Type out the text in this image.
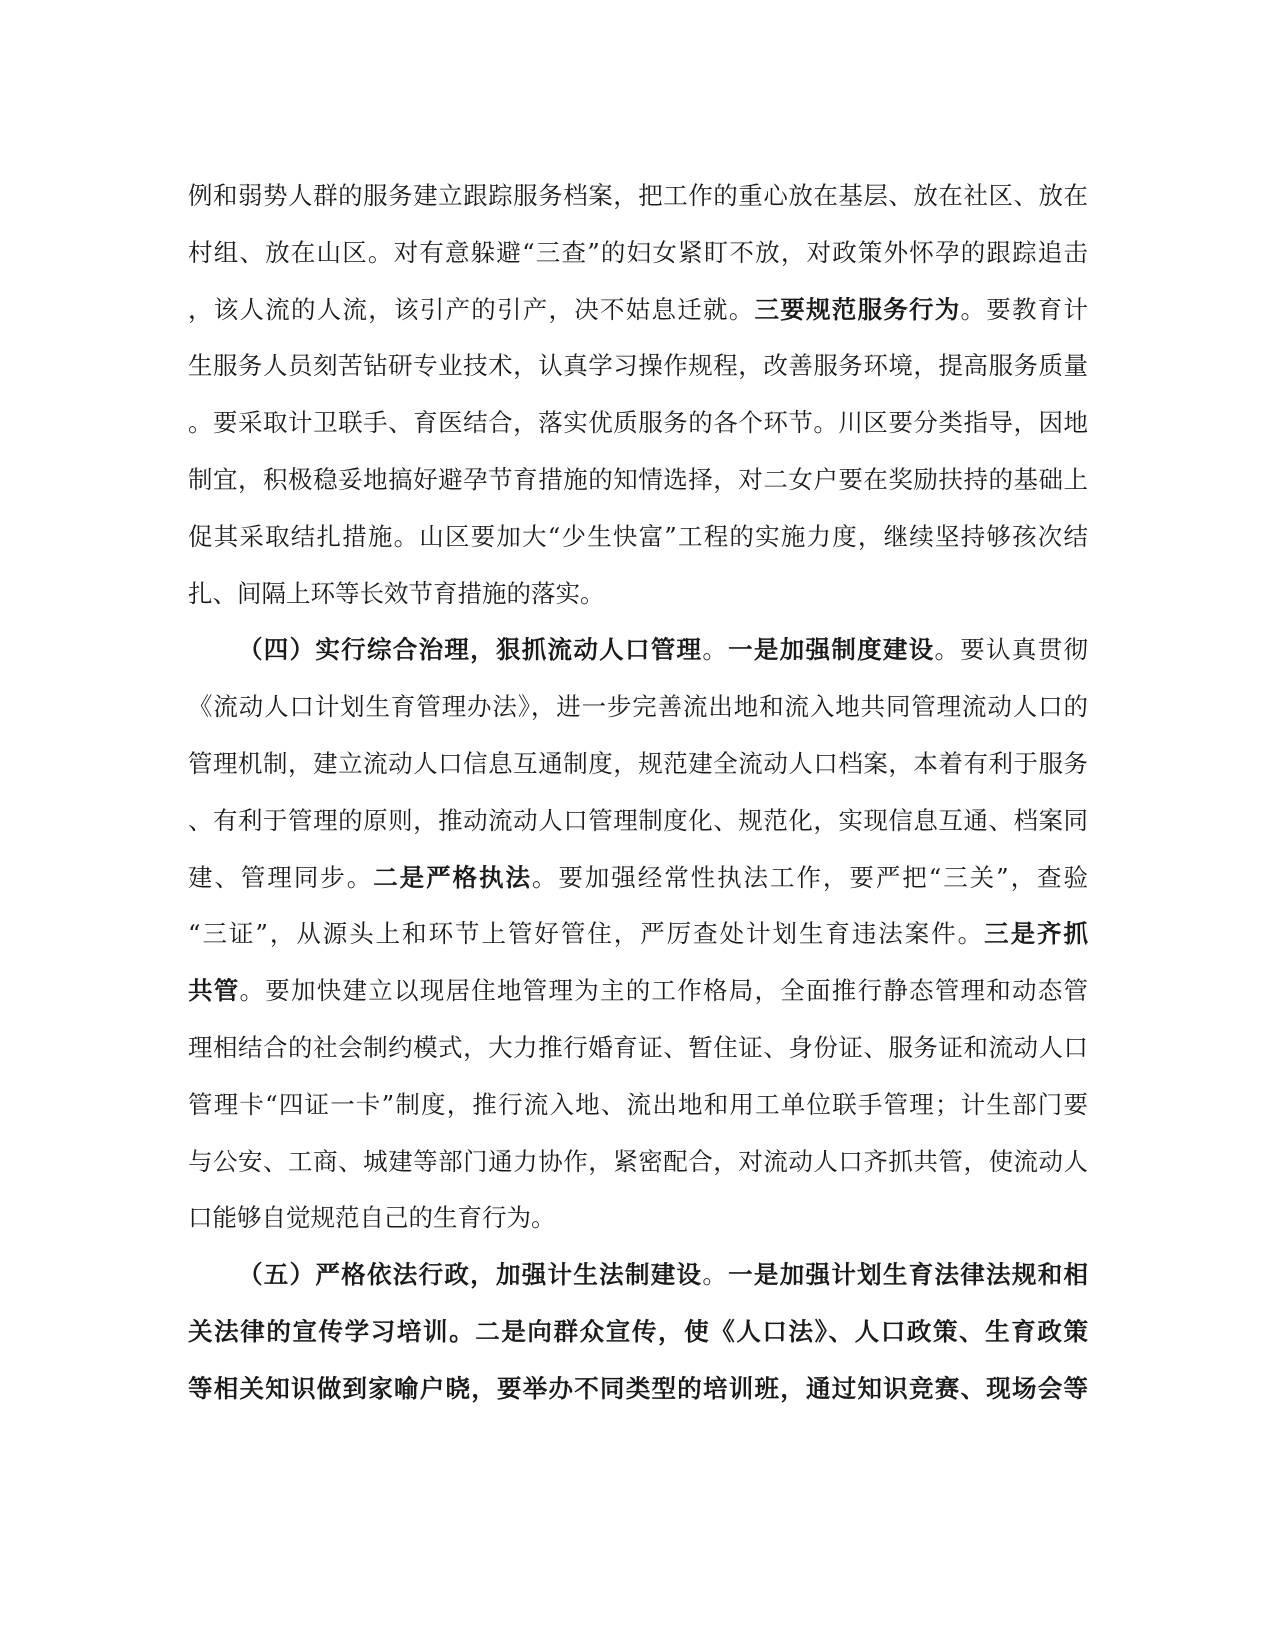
例和弱势人群的服务建立跟踪服务档案，把工作的重心放在基层、放在社区、放在
村组、放在山区。对有意躲避“三查”的妇女紧盯不放，对政策外怀孕的跟踪追击
，该人流的人流，该引产的引产，决不姑息迁就。三要规范服务行为。要教育计
生服务人员刻苦钻研专业技术，认真学习操作规程，改善服务环境，提高服务质量
。要采取计卫联手、育医结合，落实优质服务的各个环节。川区要分类指导，因地
制宜，积极稳妥地搞好避孕节育措施的知情选择，对二女户要在奖励扶持的基础上
促其采取结扎措施。山区要加大“少生快富”工程的实施力度，继续坚持够孩次结
扎、间隔上环等长效节育措施的落实。
（四）实行综合治理，狠抓流动人口管理。一是加强制度建设。要认真贯彻
《流动人口计划生育管理办法》，进一步完善流出地和流入地共同管理流动人口的
管理机制，建立流动人口信息互通制度，规范建全流动人口档案，本着有利于服务
、有利于管理的原则，推动流动人口管理制度化、规范化，实现信息互通、档案同
建、管理同步。二是严格执法。要加强经常性执法工作，要严把“三关”，查验
“三证”，从源头上和环节上管好管住，严厉查处计划生育违法案件。三是齐抓
共管。要加快建立以现居住地管理为主的工作格局，全面推行静态管理和动态管
理相结合的社会制约模式，大力推行婚育证、暂住证、身份证、服务证和流动人口
管理卡“四证一卡”制度，推行流入地、流出地和用工单位联手管理；计生部门要
与公安、工商、城建等部门通力协作，紧密配合，对流动人口齐抓共管，使流动人
口能够自觉规范自己的生育行为。
（五）严格依法行政，加强计生法制建设。一是加强计划生育法律法规和相
关法律的宣传学习培训。二是向群众宣传，使《人口法》、人口政策、生育政策
等相关知识做到家喻户晓，要举办不同类型的培训班，通过知识竞赛、现场会等
